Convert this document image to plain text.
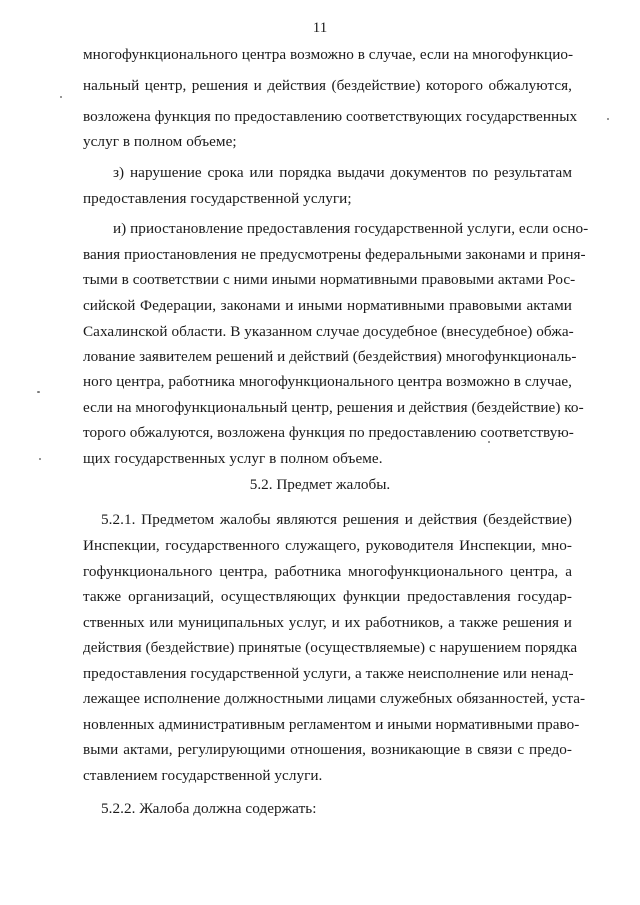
11
многофункционального центра возможно в случае, если на многофункцио-
нальный центр, решения и действия (бездействие) которого обжалуются,
возложена функция по предоставлению соответствующих государственных
услуг в полном объеме;
з) нарушение срока или порядка выдачи документов по результатам
предоставления государственной услуги;
и) приостановление предоставления государственной услуги, если осно-
вания приостановления не предусмотрены федеральными законами и приня-
тыми в соответствии с ними иными нормативными правовыми актами Рос-
сийской Федерации, законами и иными нормативными правовыми актами
Сахалинской области. В указанном случае досудебное (внесудебное) обжа-
лование заявителем решений и действий (бездействия) многофункциональ-
ного центра, работника многофункционального центра возможно в случае,
если на многофункциональный центр, решения и действия (бездействие) ко-
торого обжалуются, возложена функция по предоставлению соответствую-
щих государственных услуг в полном объеме.
5.2. Предмет жалобы.
5.2.1. Предметом жалобы являются решения и действия (бездействие)
Инспекции, государственного служащего, руководителя Инспекции, мно-
гофункционального центра, работника многофункционального центра, а
также организаций, осуществляющих функции предоставления государ-
ственных или муниципальных услуг, и их работников, а также решения и
действия (бездействие) принятые (осуществляемые) с нарушением порядка
предоставления государственной услуги, а также неисполнение или ненад-
лежащее исполнение должностными лицами служебных обязанностей, уста-
новленных административным регламентом и иными нормативными право-
выми актами, регулирующими отношения, возникающие в связи с предо-
ставлением государственной услуги.
5.2.2. Жалоба должна содержать:
